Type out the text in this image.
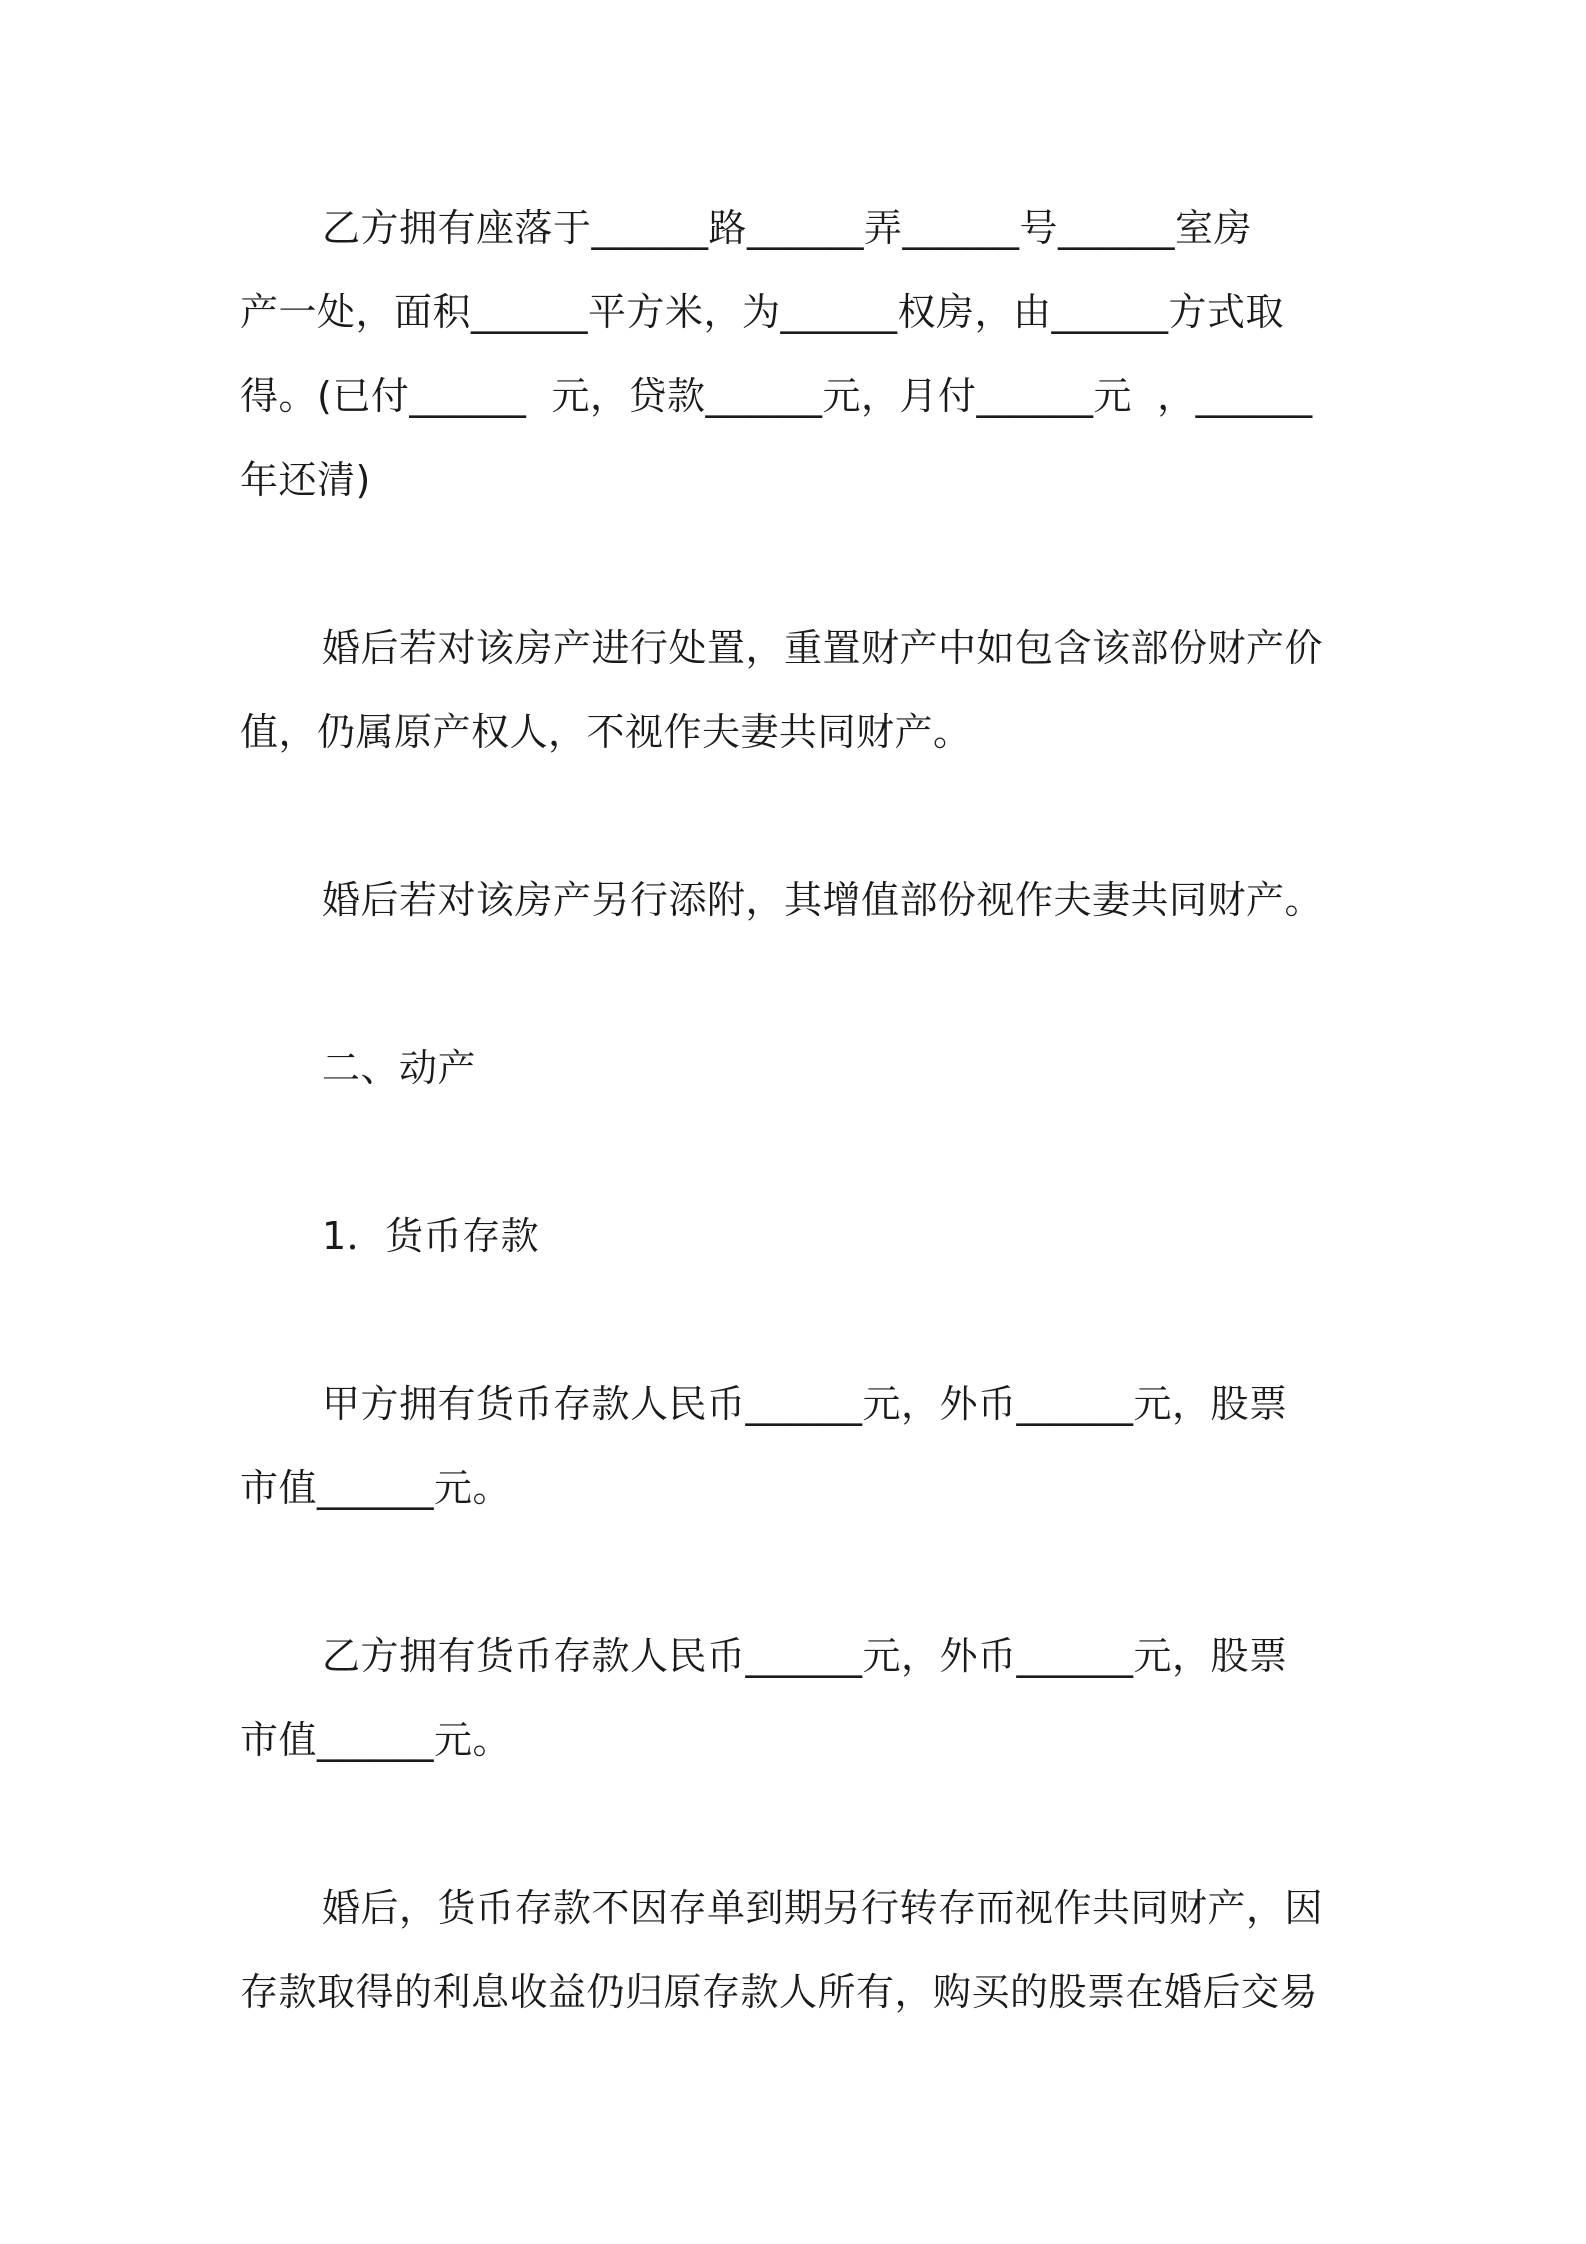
乙方拥有座落于______路______弄______号______室房
产一处，面积______平方米，为______权房，由______方式取
得。(已付______  元，贷款______元，月付______元  ，______
年还清)
婚后若对该房产进行处置，重置财产中如包含该部份财产价
值，仍属原产权人，不视作夫妻共同财产。
婚后若对该房产另行添附，其增值部份视作夫妻共同财产。
二、动产
1．货币存款
甲方拥有货币存款人民币______元，外币______元，股票
市值______元。
乙方拥有货币存款人民币______元，外币______元，股票
市值______元。
婚后，货币存款不因存单到期另行转存而视作共同财产，因
存款取得的利息收益仍归原存款人所有，购买的股票在婚后交易
